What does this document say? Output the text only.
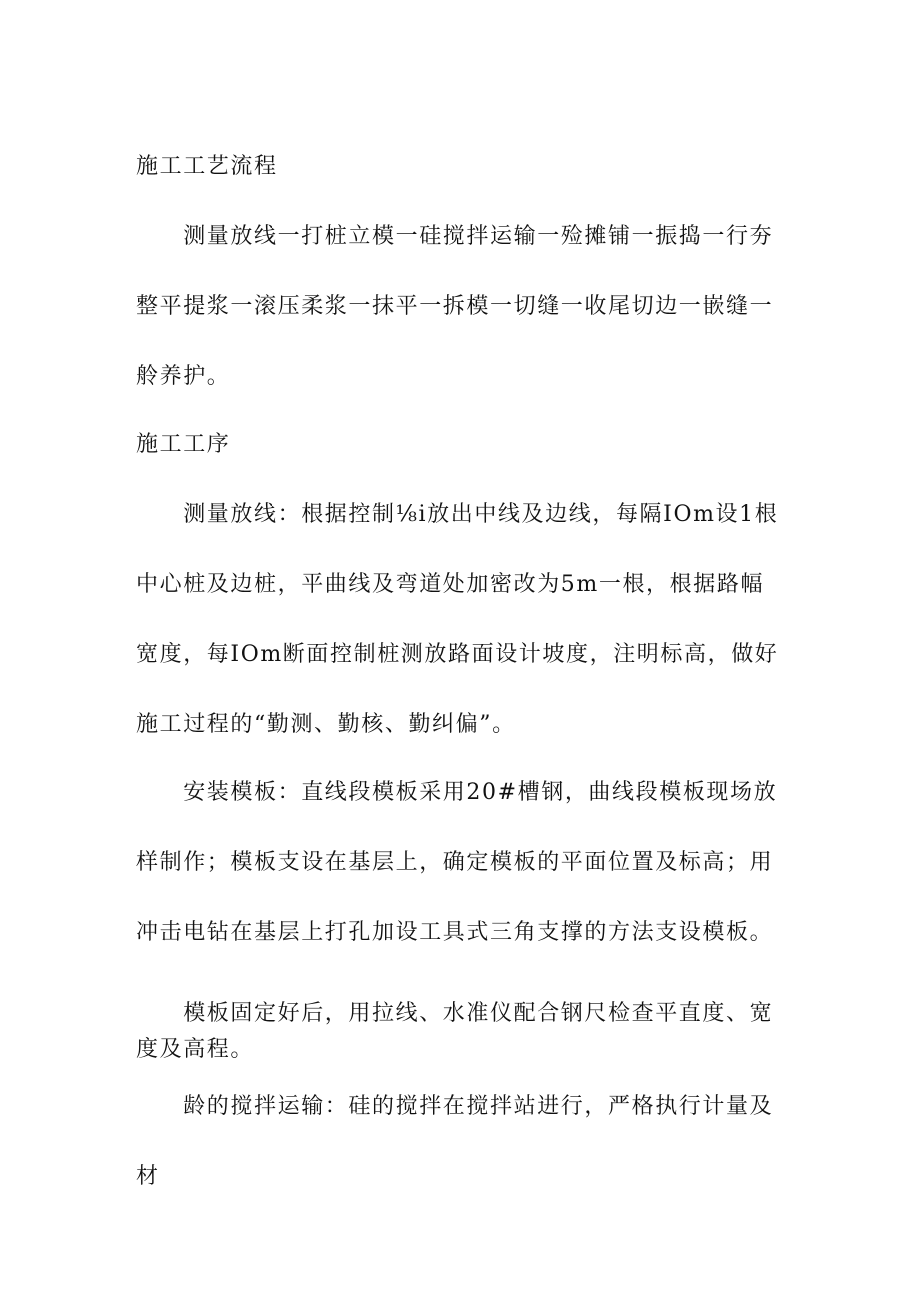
施工工艺流程

　　测量放线一打桩立模一硅搅拌运输一殓摊铺一振捣一行夯整平提浆一滚压柔浆一抹平一拆模一切缝一收尾切边一嵌缝一舲养护。

施工工序

　　测量放线：根据控制⅛i放出中线及边线，每隔IOm设1根中心桩及边桩，平曲线及弯道处加密改为5m一根，根据路幅宽度，每IOm断面控制桩测放路面设计坡度，注明标高，做好施工过程的“勤测、勤核、勤纠偏”。

　　安装模板：直线段模板采用20#槽钢，曲线段模板现场放样制作；模板支设在基层上，确定模板的平面位置及标高；用冲击电钻在基层上打孔加设工具式三角支撑的方法支设模板。

　　模板固定好后，用拉线、水准仪配合钢尺检查平直度、宽度及高程。

　　龄的搅拌运输：硅的搅拌在搅拌站进行，严格执行计量及材
